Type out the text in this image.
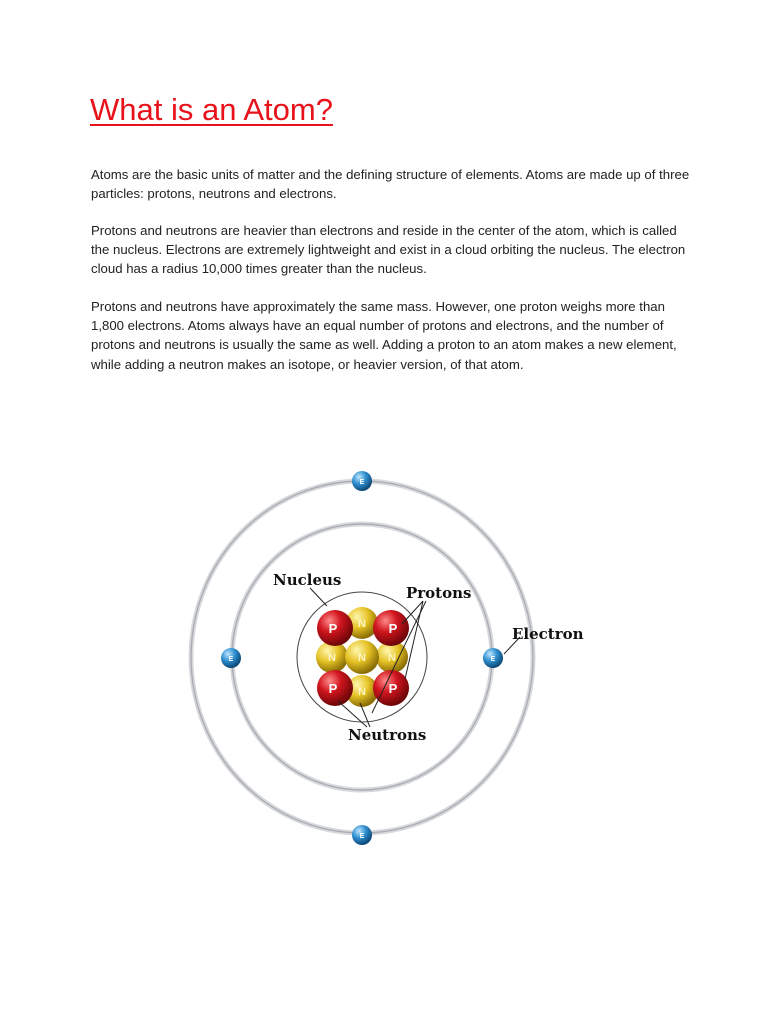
What is an Atom?

Atoms are the basic units of matter and the defining structure of elements. Atoms are made up of three particles: protons, neutrons and electrons.

Protons and neutrons are heavier than electrons and reside in the center of the atom, which is called the nucleus. Electrons are extremely lightweight and exist in a cloud orbiting the nucleus. The electron cloud has a radius 10,000 times greater than the nucleus.

Protons and neutrons have approximately the same mass. However, one proton weighs more than 1,800 electrons. Atoms always have an equal number of protons and electrons, and the number of protons and neutrons is usually the same as well. Adding a proton to an atom makes a new element, while adding a neutron makes an isotope, or heavier version, of that atom.

N
N	N
N
N
P	P
P	P
E
E	E
E
Nucleus
Protons
Electron
Neutrons
